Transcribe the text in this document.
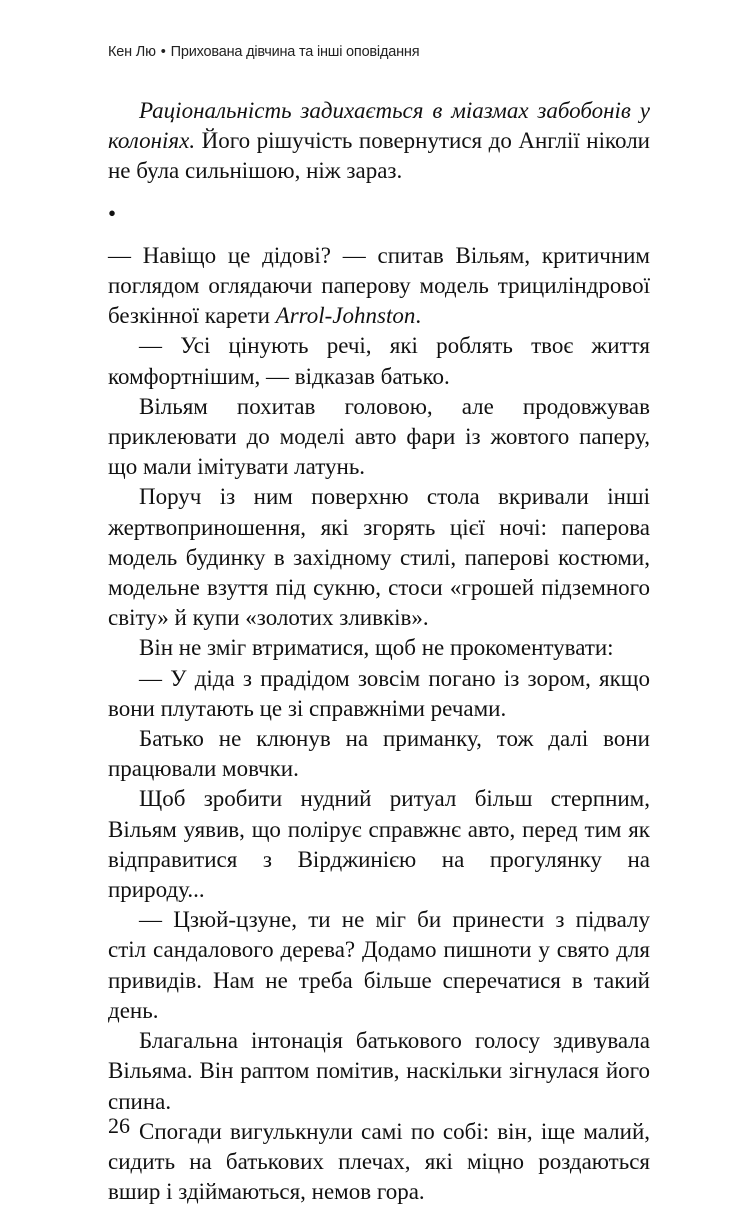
Кен Лю • Прихована дівчина та інші оповідання

Раціональність задихається в міазмах забобонів у колоніях. Його рішучість повернутися до Англії ніколи не була сильнішою, ніж зараз.

•

— Навіщо це дідові? — спитав Вільям, критичним поглядом оглядаючи паперову модель трициліндрової безкінної карети Arrol-Johnston.

— Усі цінують речі, які роблять твоє життя комфортнішим, — відказав батько.

Вільям похитав головою, але продовжував приклеювати до моделі авто фари із жовтого паперу, що мали імітувати латунь.

Поруч із ним поверхню стола вкривали інші жертвоприношення, які згорять цієї ночі: паперова модель будинку в західному стилі, паперові костюми, модельне взуття під сукню, стоси «грошей підземного світу» й купи «золотих зливків».

Він не зміг втриматися, щоб не прокоментувати:

— У діда з прадідом зовсім погано із зором, якщо вони плутають це зі справжніми речами.

Батько не клюнув на приманку, тож далі вони працювали мовчки.

Щоб зробити нудний ритуал більш стерпним, Вільям уявив, що полірує справжнє авто, перед тим як відправитися з Вірджинією на прогулянку на природу...

— Цзюй-цзуне, ти не міг би принести з підвалу стіл сандалового дерева? Додамо пишноти у свято для привидів. Нам не треба більше сперечатися в такий день.

Благальна інтонація батькового голосу здивувала Вільяма. Він раптом помітив, наскільки зігнулася його спина.

Спогади вигулькнули самі по собі: він, іще малий, сидить на батькових плечах, які міцно роздаються вшир і здіймаються, немов гора.

26
